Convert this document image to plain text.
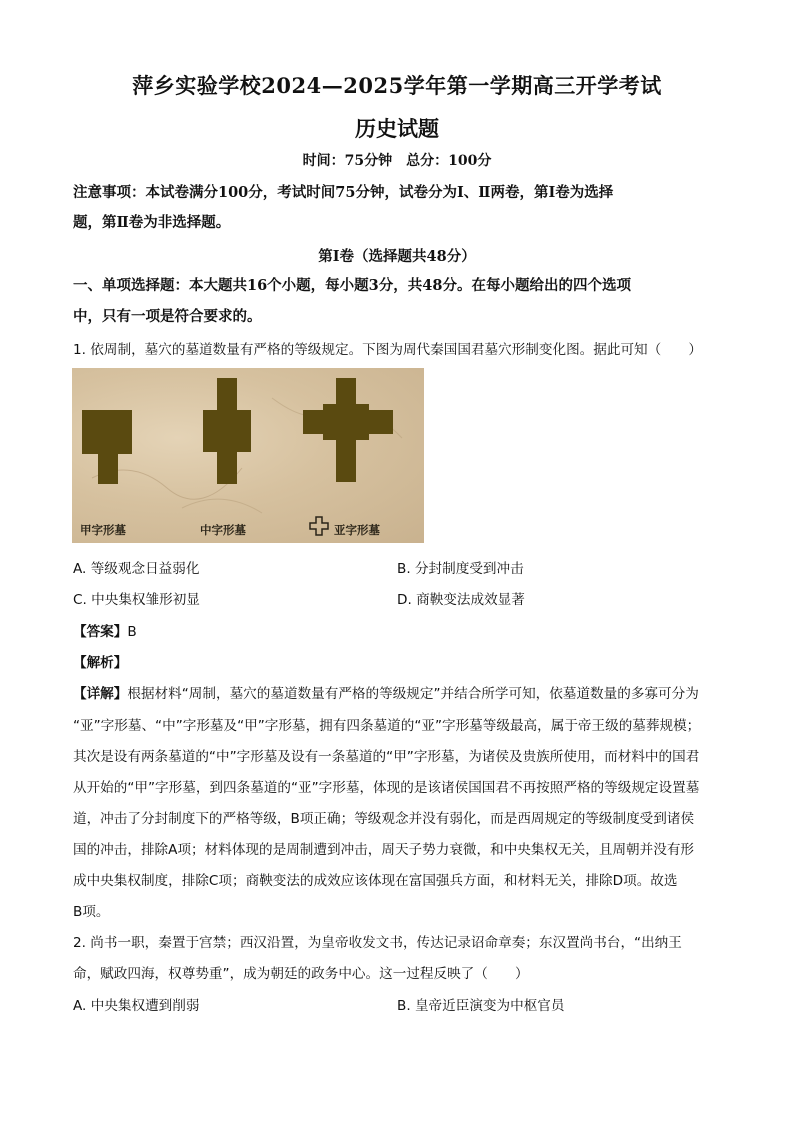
萍乡实验学校2024—2025学年第一学期高三开学考试
历史试题
时间：75分钟　总分：100分
注意事项：本试卷满分100分，考试时间75分钟，试卷分为Ⅰ、Ⅱ两卷，第Ⅰ卷为选择
题，第Ⅱ卷为非选择题。
第Ⅰ卷（选择题共48分）
一、单项选择题：本大题共16个小题，每小题3分，共48分。在每小题给出的四个选项
中，只有一项是符合要求的。
1. 依周制，墓穴的墓道数量有严格的等级规定。下图为周代秦国国君墓穴形制变化图。据此可知（　　）
甲字形墓	中字形墓	亚字形墓
A. 等级观念日益弱化	B. 分封制度受到冲击
C. 中央集权雏形初显	D. 商鞅变法成效显著
【答案】B
【解析】
【详解】根据材料“周制，墓穴的墓道数量有严格的等级规定”并结合所学可知，依墓道数量的多寡可分为
“亚”字形墓、“中”字形墓及“甲”字形墓，拥有四条墓道的“亚”字形墓等级最高，属于帝王级的墓葬规模；
其次是设有两条墓道的“中”字形墓及设有一条墓道的“甲”字形墓，为诸侯及贵族所使用，而材料中的国君
从开始的“甲”字形墓，到四条墓道的“亚”字形墓，体现的是该诸侯国国君不再按照严格的等级规定设置墓
道，冲击了分封制度下的严格等级，B项正确；等级观念并没有弱化，而是西周规定的等级制度受到诸侯
国的冲击，排除A项；材料体现的是周制遭到冲击，周天子势力衰微，和中央集权无关，且周朝并没有形
成中央集权制度，排除C项；商鞅变法的成效应该体现在富国强兵方面，和材料无关，排除D项。故选
B项。
2. 尚书一职，秦置于宫禁；西汉沿置，为皇帝收发文书，传达记录诏命章奏；东汉置尚书台，“出纳王
命，赋政四海，权尊势重”，成为朝廷的政务中心。这一过程反映了（　　）
A. 中央集权遭到削弱	B. 皇帝近臣演变为中枢官员
